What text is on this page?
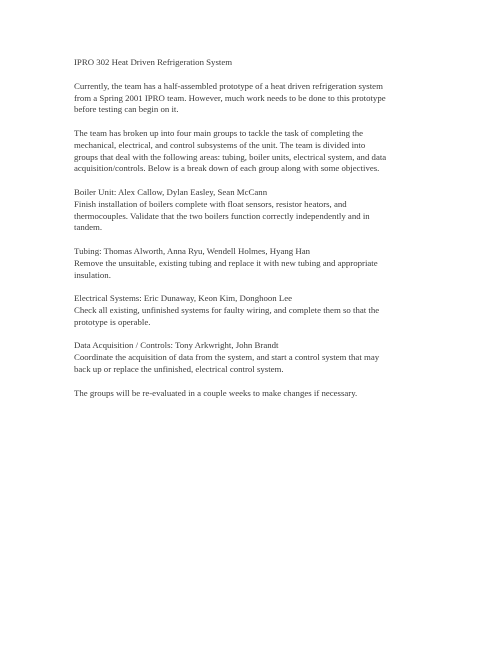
IPRO 302 Heat Driven Refrigeration System
Currently, the team has a half-assembled prototype of a heat driven refrigeration system
from a Spring 2001 IPRO team. However, much work needs to be done to this prototype
before testing can begin on it.
The team has broken up into four main groups to tackle the task of completing the
mechanical, electrical, and control subsystems of the unit. The team is divided into
groups that deal with the following areas: tubing, boiler units, electrical system, and data
acquisition/controls. Below is a break down of each group along with some objectives.
Boiler Unit: Alex Callow, Dylan Easley, Sean McCann
Finish installation of boilers complete with float sensors, resistor heators, and
thermocouples. Validate that the two boilers function correctly independently and in
tandem.
Tubing: Thomas Alworth, Anna Ryu, Wendell Holmes, Hyang Han
Remove the unsuitable, existing tubing and replace it with new tubing and appropriate
insulation.
Electrical Systems: Eric Dunaway, Keon Kim, Donghoon Lee
Check all existing, unfinished systems for faulty wiring, and complete them so that the
prototype is operable.
Data Acquisition / Controls: Tony Arkwright, John Brandt
Coordinate the acquisition of data from the system, and start a control system that may
back up or replace the unfinished, electrical control system.
The groups will be re-evaluated in a couple weeks to make changes if necessary.
